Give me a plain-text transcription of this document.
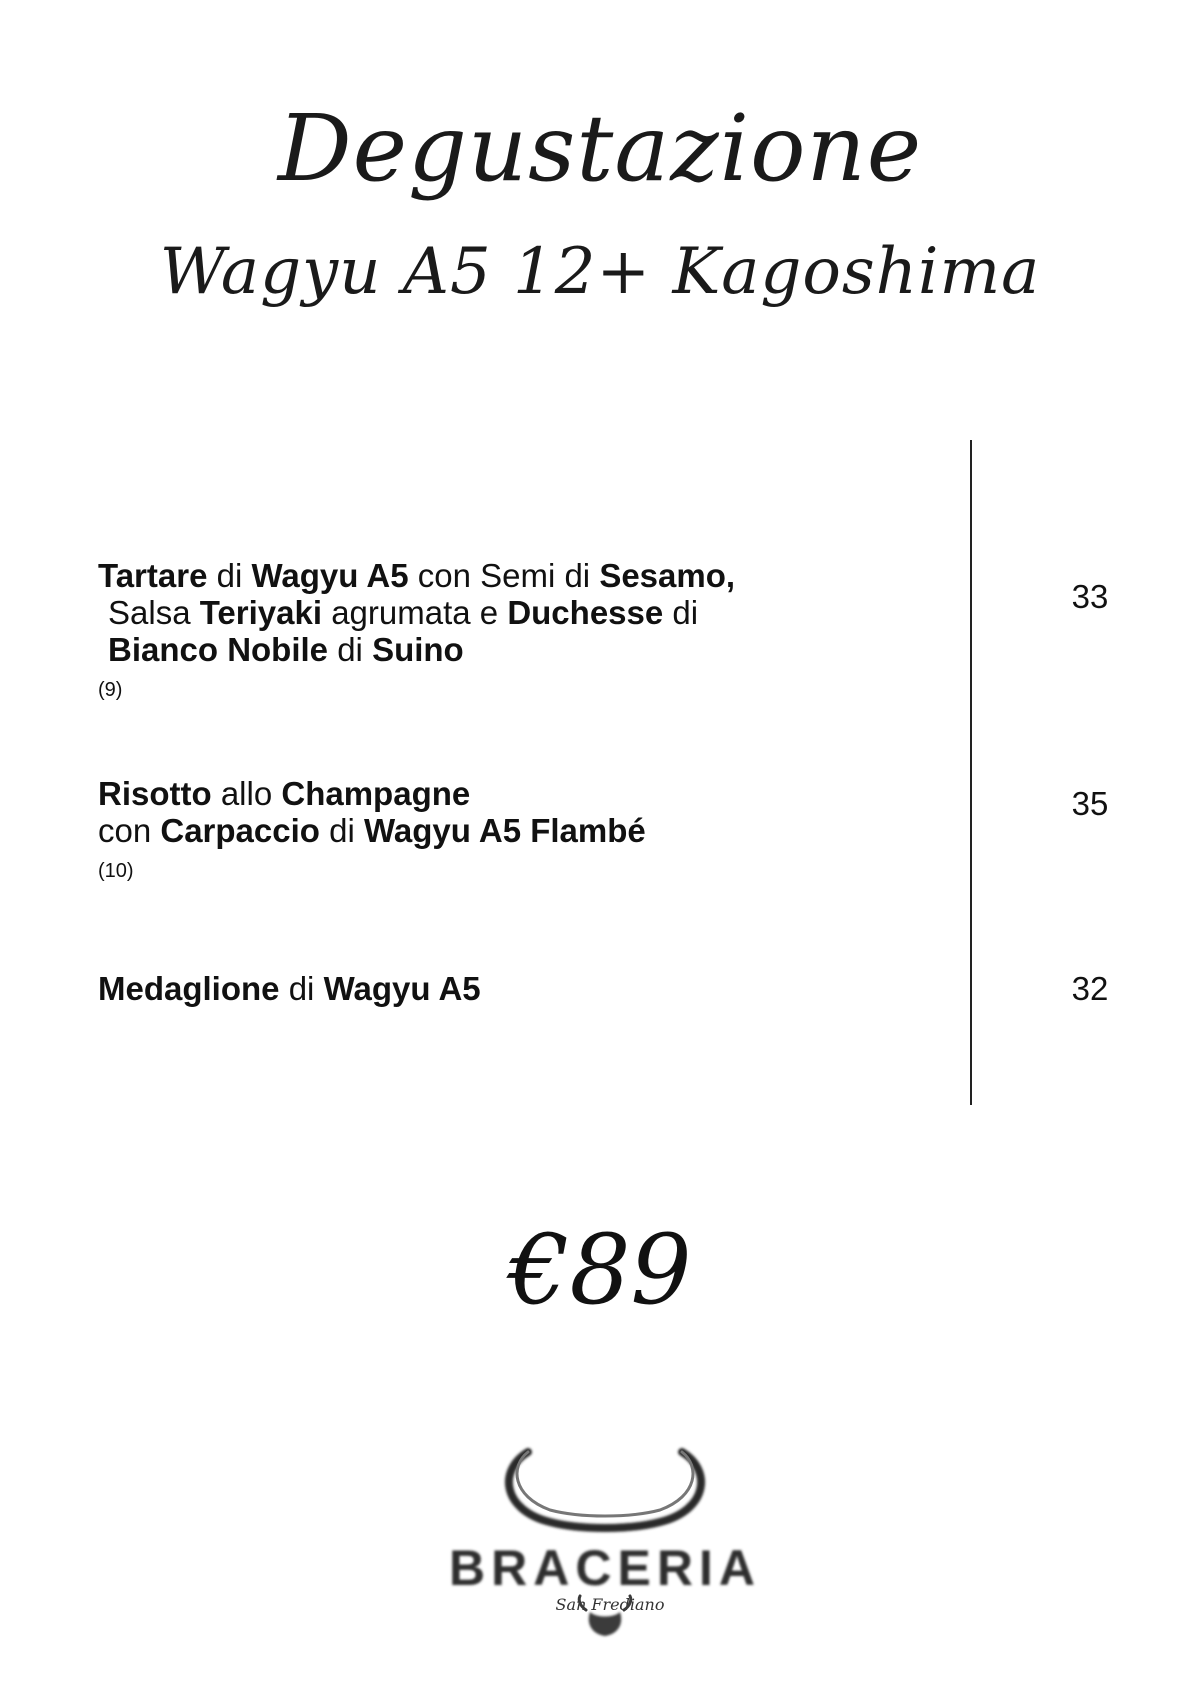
Degustazione
Wagyu A5 12+ Kagoshima
Tartare di Wagyu A5 con Semi di Sesamo,
Salsa Teriyaki agrumata e Duchesse di
Bianco Nobile di Suino
(9)
33
Risotto allo Champagne
con Carpaccio di Wagyu A5 Flambé
(10)
35
Medaglione di Wagyu A5	32
€89
BRACERIA
San Frediano
